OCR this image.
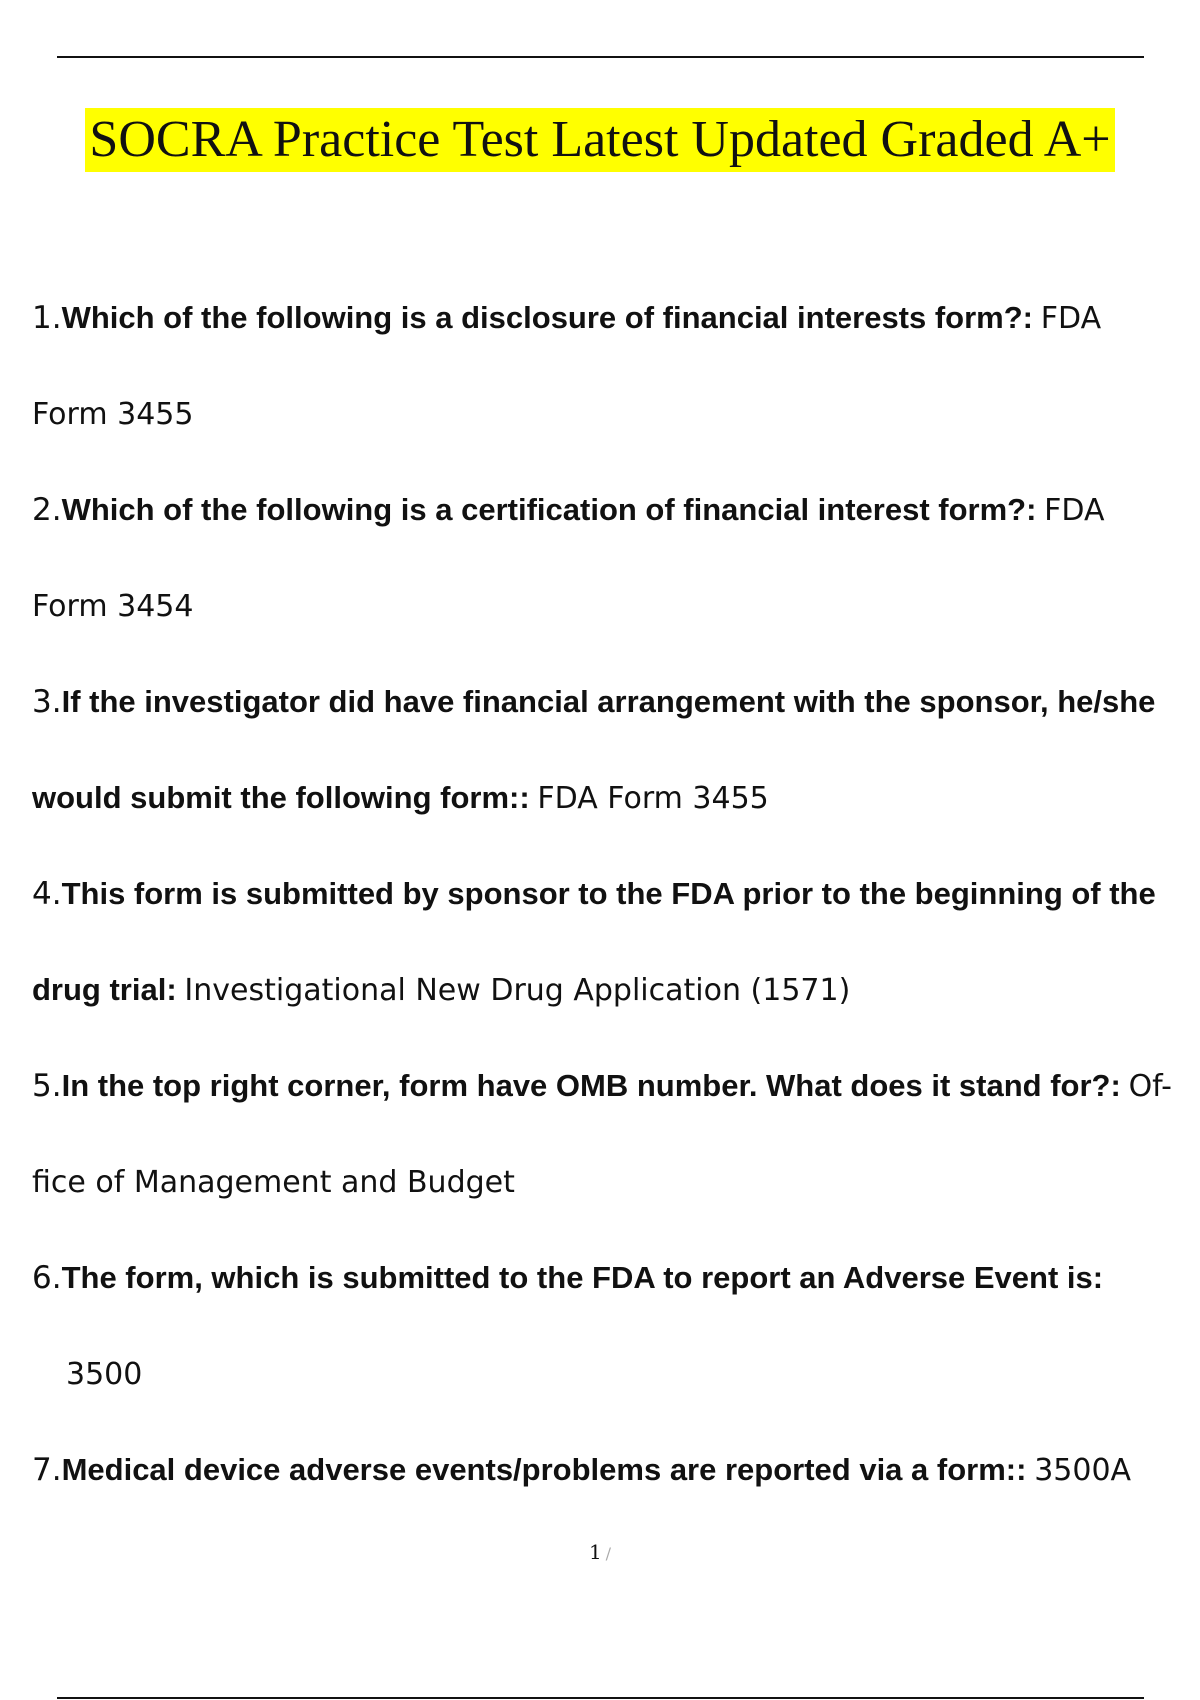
SOCRA Practice Test Latest Updated Graded A+
1.Which of the following is a disclosure of financial interests form?: FDA Form 3455
2.Which of the following is a certification of financial interest form?: FDA Form 3454
3.If the investigator did have financial arrangement with the sponsor, he/she would submit the following form:: FDA Form 3455
4.This form is submitted by sponsor to the FDA prior to the beginning of the drug trial: Investigational New Drug Application (1571)
5.In the top right corner, form have OMB number. What does it stand for?: Of- fice of Management and Budget
6.The form, which is submitted to the FDA to report an Adverse Event is:
3500
7.Medical device adverse events/problems are reported via a form:: 3500A
1 /
